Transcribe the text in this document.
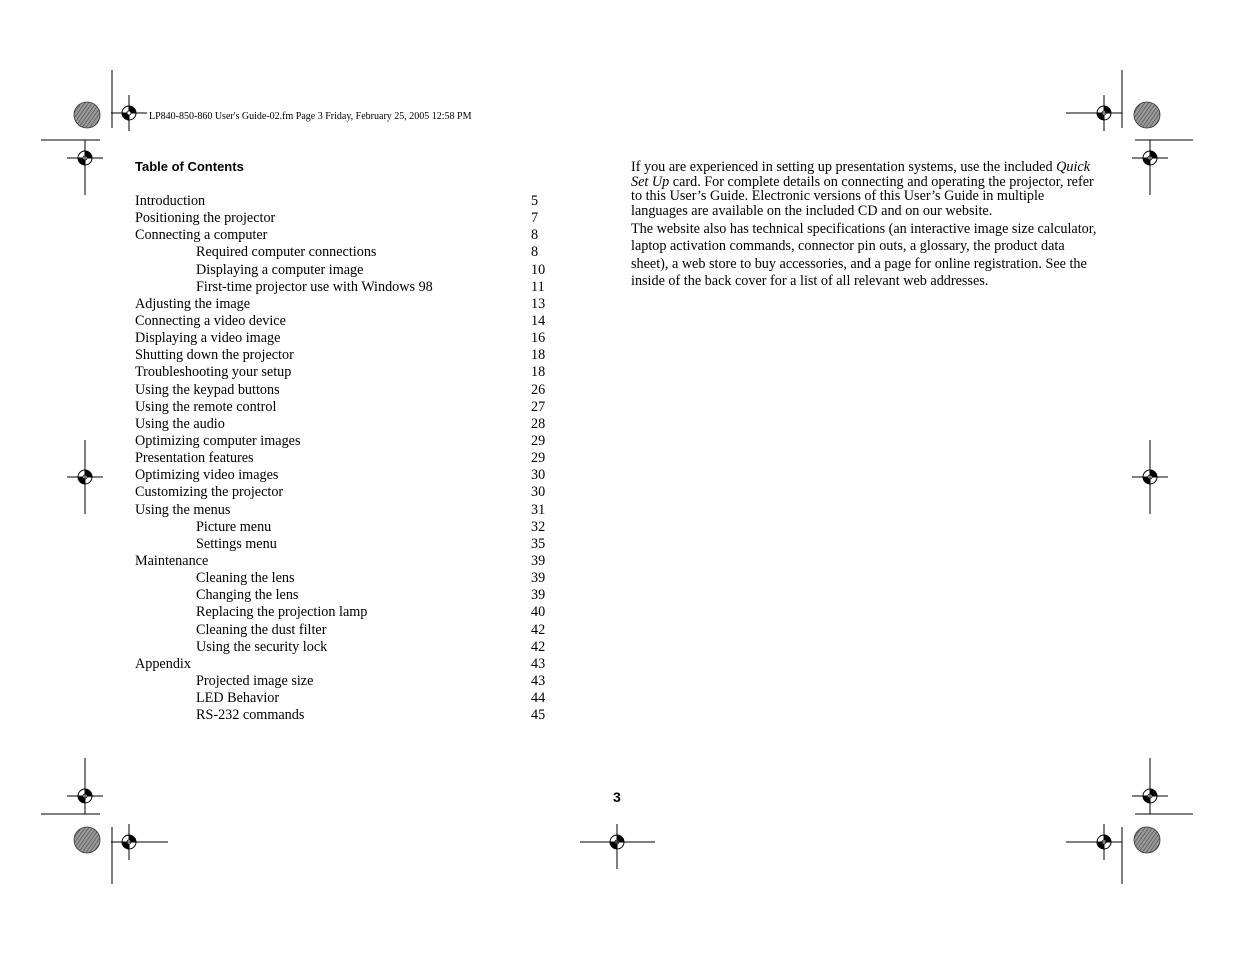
LP840-850-860 User's Guide-02.fm Page 3 Friday, February 25, 2005 12:58 PM
Table of Contents
Introduction	5
Positioning the projector	7
Connecting a computer	8
Required computer connections	8
Displaying a computer image	10
First-time projector use with Windows 98	11
Adjusting the image	13
Connecting a video device	14
Displaying a video image	16
Shutting down the projector	18
Troubleshooting your setup	18
Using the keypad buttons	26
Using the remote control	27
Using the audio	28
Optimizing computer images	29
Presentation features	29
Optimizing video images	30
Customizing the projector	30
Using the menus	31
Picture menu	32
Settings menu	35
Maintenance	39
Cleaning the lens	39
Changing the lens	39
Replacing the projection lamp	40
Cleaning the dust filter	42
Using the security lock	42
Appendix	43
Projected image size	43
LED Behavior	44
RS-232 commands	45

If you are experienced in setting up presentation systems, use the included Quick Set Up card. For complete details on connecting and operating the projector, refer to this User’s Guide. Electronic versions of this User’s Guide in multiple languages are available on the included CD and on our website.

The website also has technical specifications (an interactive image size calculator, laptop activation commands, connector pin outs, a glossary, the product data sheet), a web store to buy accessories, and a page for online registration. See the inside of the back cover for a list of all relevant web addresses.

3
